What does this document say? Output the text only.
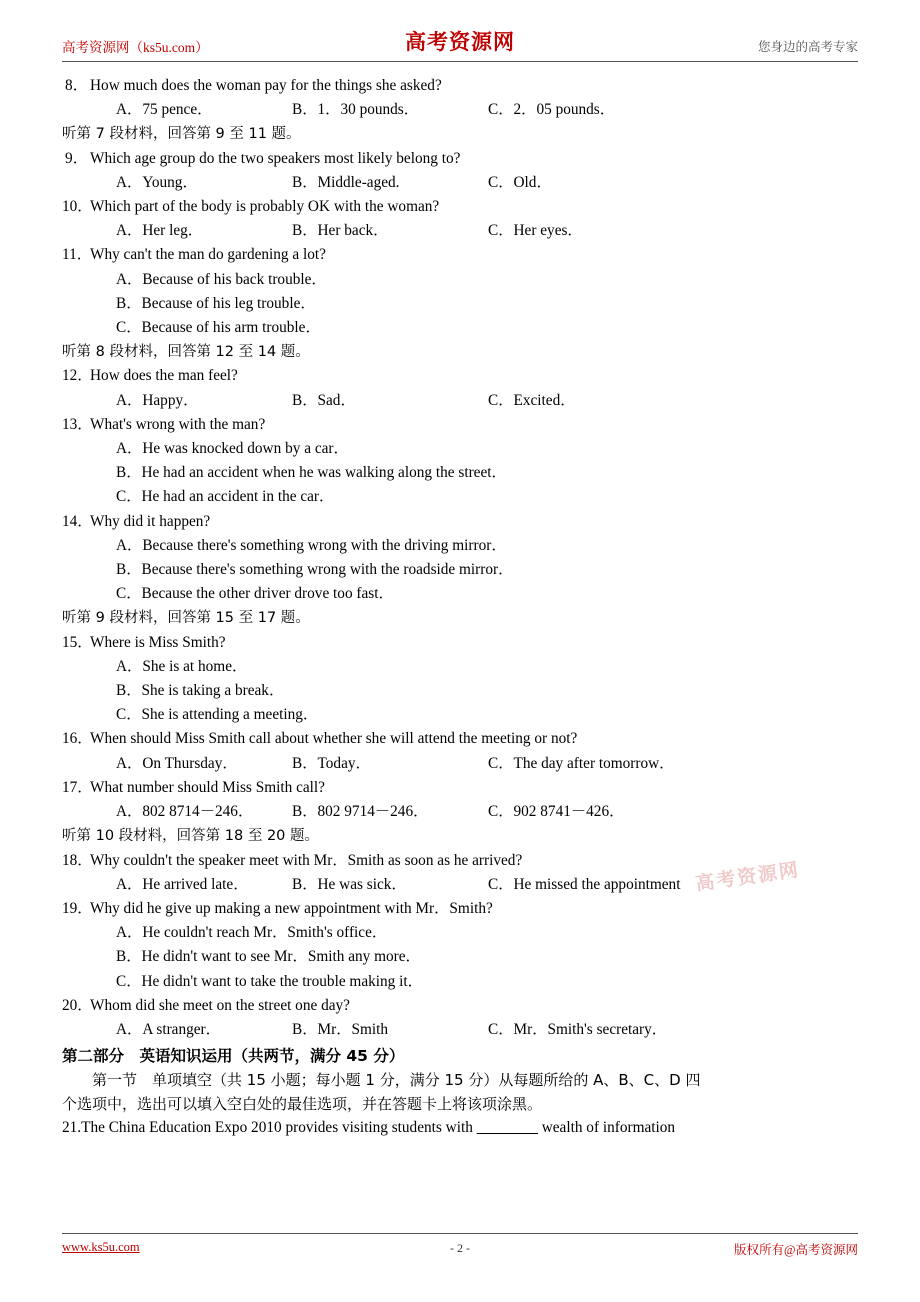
高考资源网（ks5u.com）	高考资源网	您身边的高考专家
高考资源网
8． How much does the woman pay for the things she asked?
A．75 pence．	B．1．30 pounds．	C．2．05 pounds．
听第 7 段材料，回答第 9 至 11 题。
9． Which age group do the two speakers most likely belong to?
A．Young．	B．Middle-aged.	C．Old．
10．Which part of the body is probably OK with the woman?
A．Her leg．	B．Her back．	C．Her eyes．
11．Why can't the man do gardening a lot?
A．Because of his back trouble．
B．Because of his leg trouble．
C．Because of his arm trouble．
听第 8 段材料，回答第 12 至 14 题。
12．How does the man feel?
A．Happy．	B．Sad．	C．Excited．
13．What's wrong with the man?
A．He was knocked down by a car．
B．He had an accident when he was walking along the street．
C．He had an accident in the car．
14．Why did it happen?
A．Because there's something wrong with the driving mirror．
B．Because there's something wrong with the roadside mirror．
C．Because the other driver drove too fast．
听第 9 段材料，回答第 15 至 17 题。
15．Where is Miss Smith?
A．She is at home．
B．She is taking a break．
C．She is attending a meeting．
16．When should Miss Smith call about whether she will attend the meeting or not?
A．On Thursday．	B．Today．	C．The day after tomorrow．
17．What number should Miss Smith call?
A．802 8714－246．	B．802 9714－246．	C．902 8741－426．
听第 10 段材料，回答第 18 至 20 题。
18．Why couldn't the speaker meet with Mr．Smith as soon as he arrived?
A．He arrived late．	B．He was sick．	C．He missed the appointment
19．Why did he give up making a new appointment with Mr．Smith?
A．He couldn't reach Mr．Smith's office．
B．He didn't want to see Mr．Smith any more．
C．He didn't want to take the trouble making it．
20．Whom did she meet on the street one day?
A．A stranger．	B．Mr．Smith	C．Mr．Smith's secretary．
第二部分　英语知识运用（共两节，满分 45 分）
第一节　单项填空（共 15 小题；每小题 1 分，满分 15 分）从每题所给的 A、B、C、D 四
个选项中，选出可以填入空白处的最佳选项，并在答题卡上将该项涂黑。
21.The China Education Expo 2010 provides visiting students with ________ wealth of information
www.ks5u.com	- 2 -	版权所有@高考资源网
